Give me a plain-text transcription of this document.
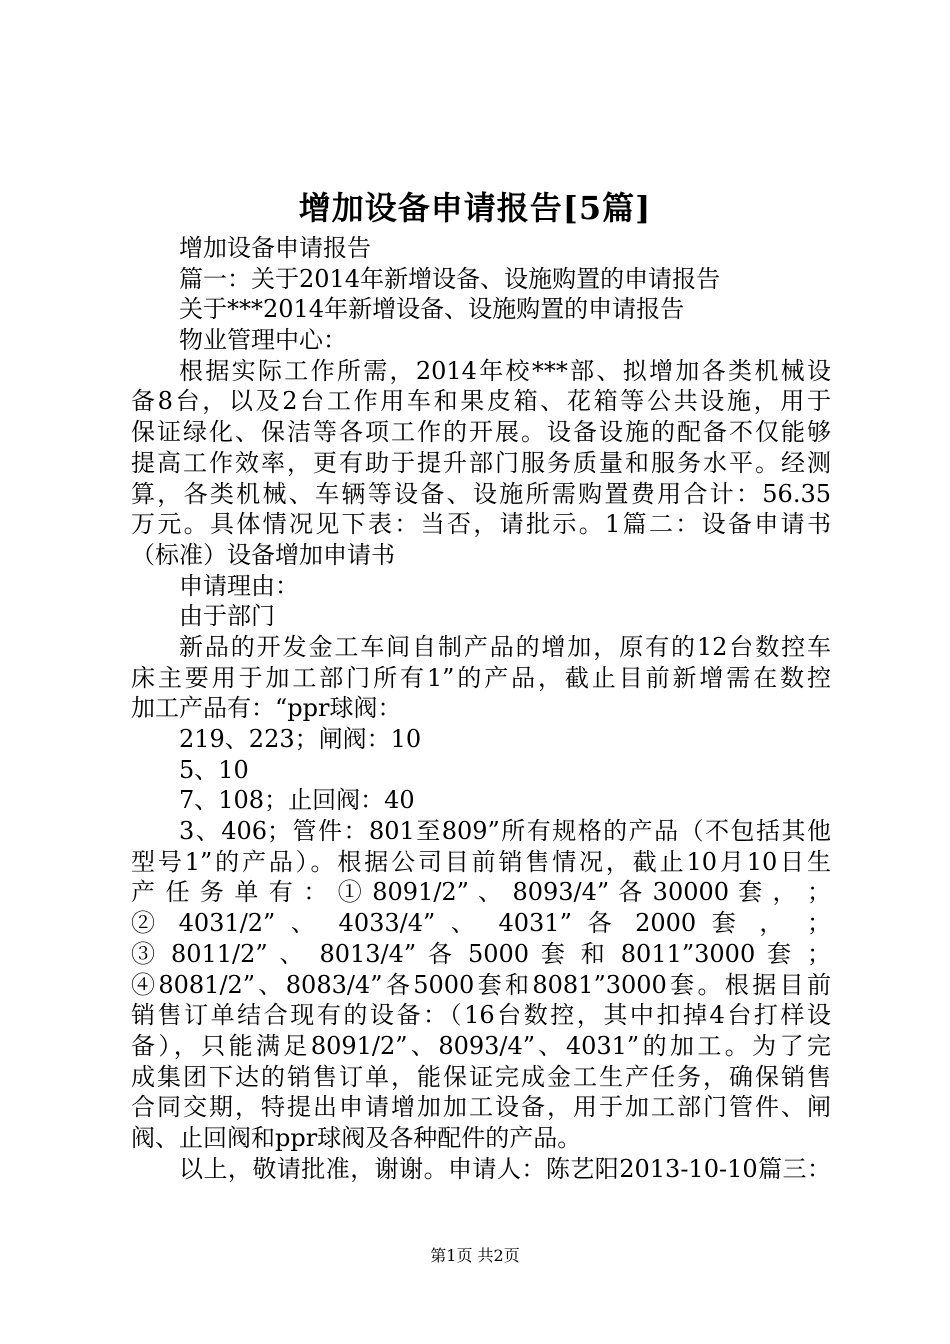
增加设备申请报告[5篇]
增加设备申请报告
篇一：关于2014年新增设备、设施购置的申请报告
关于***2014年新增设备、设施购置的申请报告
物业管理中心：
根据实际工作所需，2014年校***部、拟增加各类机械设
备8台，以及2台工作用车和果皮箱、花箱等公共设施，用于
保证绿化、保洁等各项工作的开展。设备设施的配备不仅能够
提高工作效率，更有助于提升部门服务质量和服务水平。经测
算，各类机械、车辆等设备、设施所需购置费用合计：56.35
万元。具体情况见下表：当否，请批示。1篇二：设备申请书
（标准）设备增加申请书
申请理由：
由于部门
新品的开发金工车间自制产品的增加，原有的12台数控车
床主要用于加工部门所有1”的产品，截止目前新增需在数控
加工产品有：“ppr球阀：
219、223；闸阀：10
5、10
7、108；止回阀：40
3、406；管件：801至809”所有规格的产品（不包括其他
型号1”的产品）。根据公司目前销售情况，截止10月10日生
产 任 务 单 有 ： ① 8091/2” 、 8093/4” 各 30000 套 ， ；
② 4031/2” 、 4033/4” 、 4031” 各 2000 套 ， ；
③ 8011/2” 、 8013/4” 各 5000 套 和 8011”3000 套 ；
④8081/2”、8083/4”各5000套和8081”3000套。根据目前
销售订单结合现有的设备：（16台数控，其中扣掉4台打样设
备），只能满足8091/2”、8093/4”、4031”的加工。为了完
成集团下达的销售订单，能保证完成金工生产任务，确保销售
合同交期，特提出申请增加加工设备，用于加工部门管件、闸
阀、止回阀和ppr球阀及各种配件的产品。
以上，敬请批准，谢谢。申请人：陈艺阳2013-10-10篇三：
第1页 共2页
